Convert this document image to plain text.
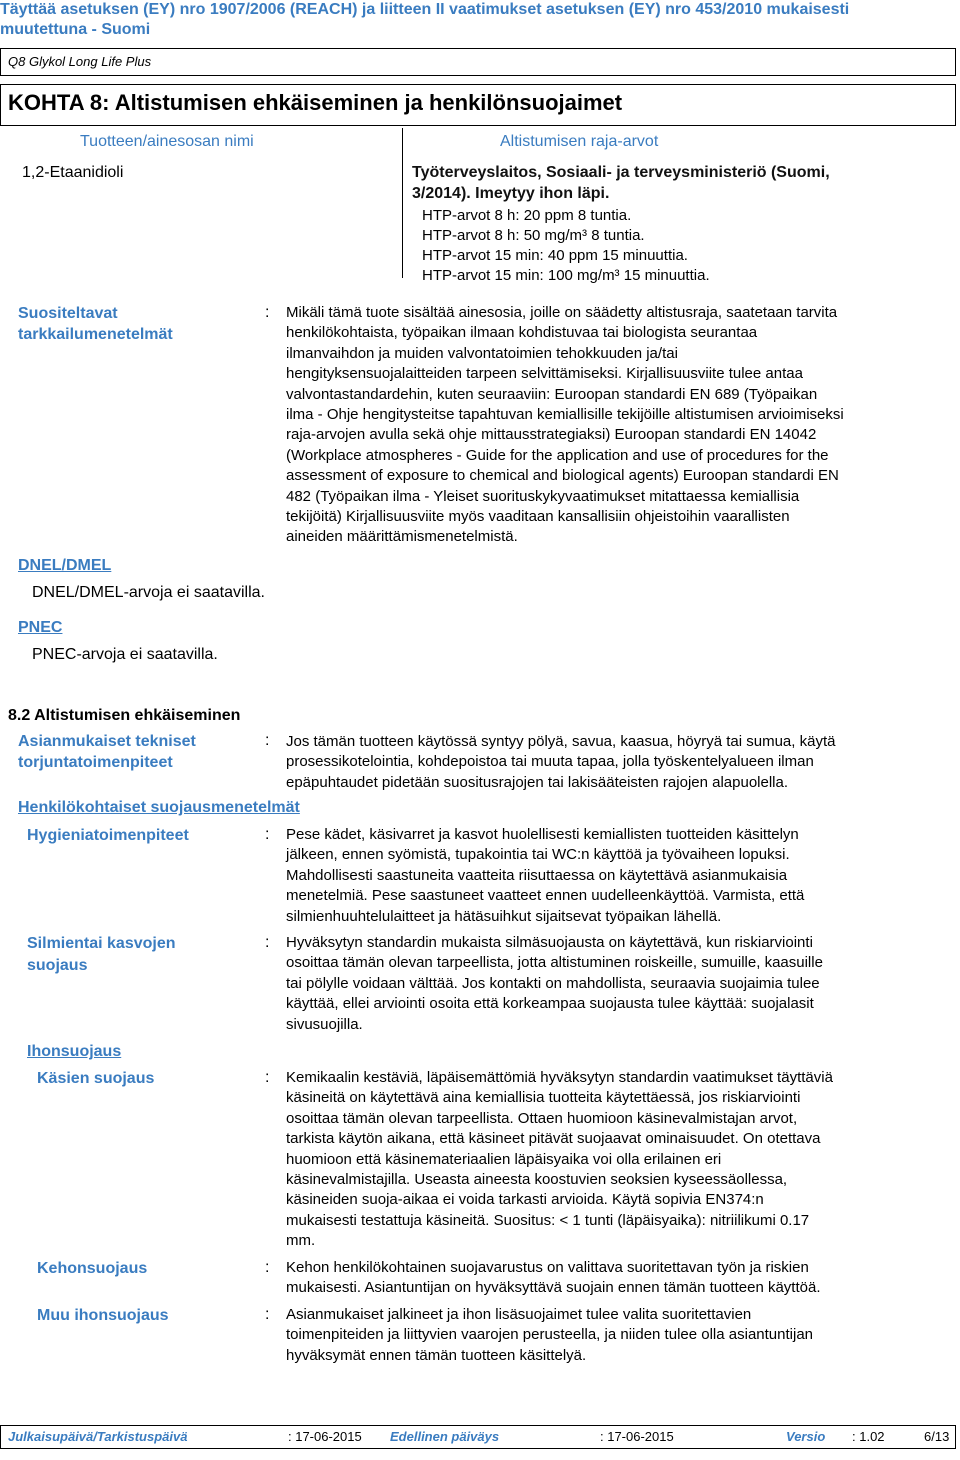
Täyttää asetuksen (EY) nro 1907/2006 (REACH) ja liitteen II vaatimukset asetuksen (EY) nro 453/2010 mukaisesti
muutettuna - Suomi
Q8 Glykol Long Life Plus
KOHTA 8: Altistumisen ehkäiseminen ja henkilönsuojaimet
Tuotteen/ainesosan nimi	Altistumisen raja-arvot
1,2-Etaanidioli	Työterveyslaitos, Sosiaali- ja terveysministeriö (Suomi,
3/2014). Imeytyy ihon läpi.
HTP-arvot 8 h: 20 ppm 8 tuntia.
HTP-arvot 8 h: 50 mg/m³ 8 tuntia.
HTP-arvot 15 min: 40 ppm 15 minuuttia.
HTP-arvot 15 min: 100 mg/m³ 15 minuuttia.
Suositeltavat
tarkkailumenetelmät
: Mikäli tämä tuote sisältää ainesosia, joille on säädetty altistusraja, saatetaan tarvita
henkilökohtaista, työpaikan ilmaan kohdistuvaa tai biologista seurantaa
ilmanvaihdon ja muiden valvontatoimien tehokkuuden ja/tai
hengityksensuojalaitteiden tarpeen selvittämiseksi. Kirjallisuusviite tulee antaa
valvontastandardehin, kuten seuraaviin: Euroopan standardi EN 689 (Työpaikan
ilma - Ohje hengitysteitse tapahtuvan kemiallisille tekijöille altistumisen arvioimiseksi
raja-arvojen avulla sekä ohje mittausstrategiaksi) Euroopan standardi EN 14042
(Workplace atmospheres - Guide for the application and use of procedures for the
assessment of exposure to chemical and biological agents) Euroopan standardi EN
482 (Työpaikan ilma - Yleiset suorituskykyvaatimukset mitattaessa kemiallisia
tekijöitä) Kirjallisuusviite myös vaaditaan kansallisiin ohjeistoihin vaarallisten
aineiden määrittämismenetelmistä.
DNEL/DMEL
DNEL/DMEL-arvoja ei saatavilla.
PNEC
PNEC-arvoja ei saatavilla.
8.2 Altistumisen ehkäiseminen
Asianmukaiset tekniset
torjuntatoimenpiteet
: Jos tämän tuotteen käytössä syntyy pölyä, savua, kaasua, höyryä tai sumua, käytä
prosessikotelointia, kohdepoistoa tai muuta tapaa, jolla työskentelyalueen ilman
epäpuhtaudet pidetään suositusrajojen tai lakisääteisten rajojen alapuolella.
Henkilökohtaiset suojausmenetelmät
Hygieniatoimenpiteet	: Pese kädet, käsivarret ja kasvot huolellisesti kemiallisten tuotteiden käsittelyn
jälkeen, ennen syömistä, tupakointia tai WC:n käyttöä ja työvaiheen lopuksi.
Mahdollisesti saastuneita vaatteita riisuttaessa on käytettävä asianmukaisia
menetelmiä. Pese saastuneet vaatteet ennen uudelleenkäyttöä. Varmista, että
silmienhuuhtelulaitteet ja hätäsuihkut sijaitsevat työpaikan lähellä.
Silmientai kasvojen
suojaus
: Hyväksytyn standardin mukaista silmäsuojausta on käytettävä, kun riskiarviointi
osoittaa tämän olevan tarpeellista, jotta altistuminen roiskeille, sumuille, kaasuille
tai pölylle voidaan välttää. Jos kontakti on mahdollista, seuraavia suojaimia tulee
käyttää, ellei arviointi osoita että korkeampaa suojausta tulee käyttää: suojalasit
sivusuojilla.
Ihonsuojaus
Käsien suojaus	: Kemikaalin kestäviä, läpäisemättömiä hyväksytyn standardin vaatimukset täyttäviä
käsineitä on käytettävä aina kemiallisia tuotteita käytettäessä, jos riskiarviointi
osoittaa tämän olevan tarpeellista. Ottaen huomioon käsinevalmistajan arvot,
tarkista käytön aikana, että käsineet pitävät suojaavat ominaisuudet. On otettava
huomioon että käsinemateriaalien läpäisyaika voi olla erilainen eri
käsinevalmistajilla. Useasta aineesta koostuvien seoksien kyseessäollessa,
käsineiden suoja-aikaa ei voida tarkasti arvioida. Käytä sopivia EN374:n
mukaisesti testattuja käsineitä. Suositus: < 1 tunti (läpäisyaika): nitriilikumi 0.17
mm.
Kehonsuojaus	: Kehon henkilökohtainen suojavarustus on valittava suoritettavan työn ja riskien
mukaisesti. Asiantuntijan on hyväksyttävä suojain ennen tämän tuotteen käyttöä.
Muu ihonsuojaus	: Asianmukaiset jalkineet ja ihon lisäsuojaimet tulee valita suoritettavien
toimenpiteiden ja liittyvien vaarojen perusteella, ja niiden tulee olla asiantuntijan
hyväksymät ennen tämän tuotteen käsittelyä.
Julkaisupäivä/Tarkistuspäivä	: 17-06-2015 Edellinen päiväys	: 17-06-2015	Versio : 1.02	6/13
